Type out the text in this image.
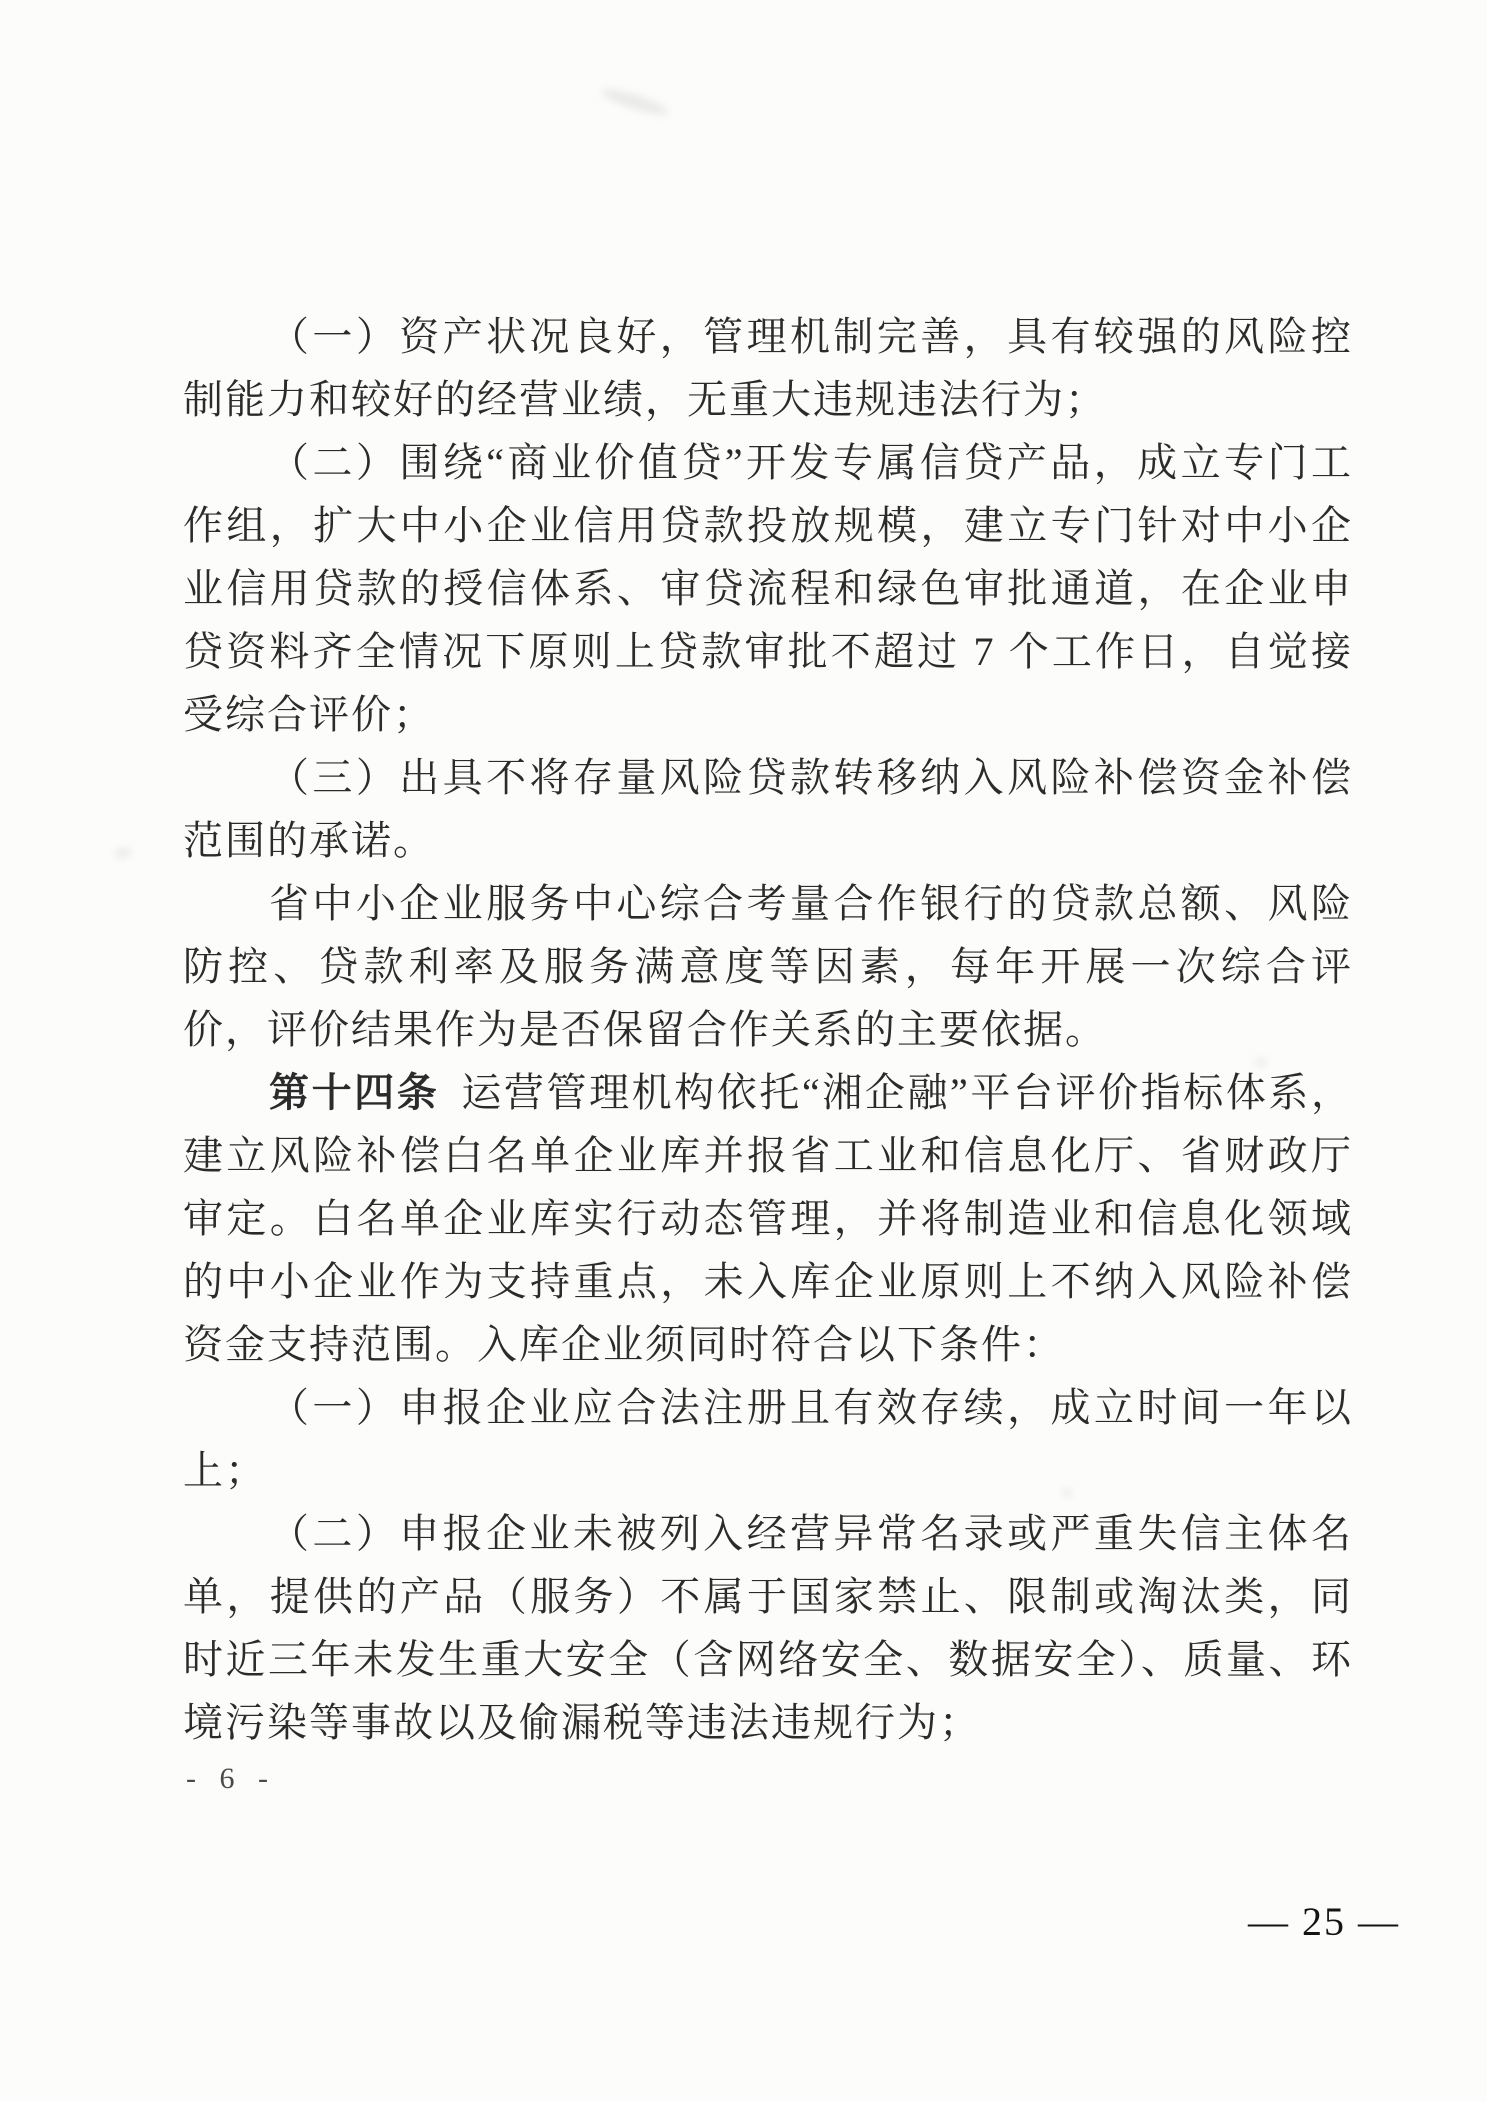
（一）资产状况良好，管理机制完善，具有较强的风险控制能力和较好的经营业绩，无重大违规违法行为；

（二）围绕“商业价值贷”开发专属信贷产品，成立专门工作组，扩大中小企业信用贷款投放规模，建立专门针对中小企业信用贷款的授信体系、审贷流程和绿色审批通道，在企业申贷资料齐全情况下原则上贷款审批不超过 7 个工作日，自觉接受综合评价；

（三）出具不将存量风险贷款转移纳入风险补偿资金补偿范围的承诺。

省中小企业服务中心综合考量合作银行的贷款总额、风险防控、贷款利率及服务满意度等因素，每年开展一次综合评价，评价结果作为是否保留合作关系的主要依据。

第十四条 运营管理机构依托“湘企融”平台评价指标体系，建立风险补偿白名单企业库并报省工业和信息化厅、省财政厅审定。白名单企业库实行动态管理，并将制造业和信息化领域的中小企业作为支持重点，未入库企业原则上不纳入风险补偿资金支持范围。入库企业须同时符合以下条件：

（一）申报企业应合法注册且有效存续，成立时间一年以上；

（二）申报企业未被列入经营异常名录或严重失信主体名单，提供的产品（服务）不属于国家禁止、限制或淘汰类，同时近三年未发生重大安全（含网络安全、数据安全）、质量、环境污染等事故以及偷漏税等违法违规行为；

- 6 -
— 25 —
